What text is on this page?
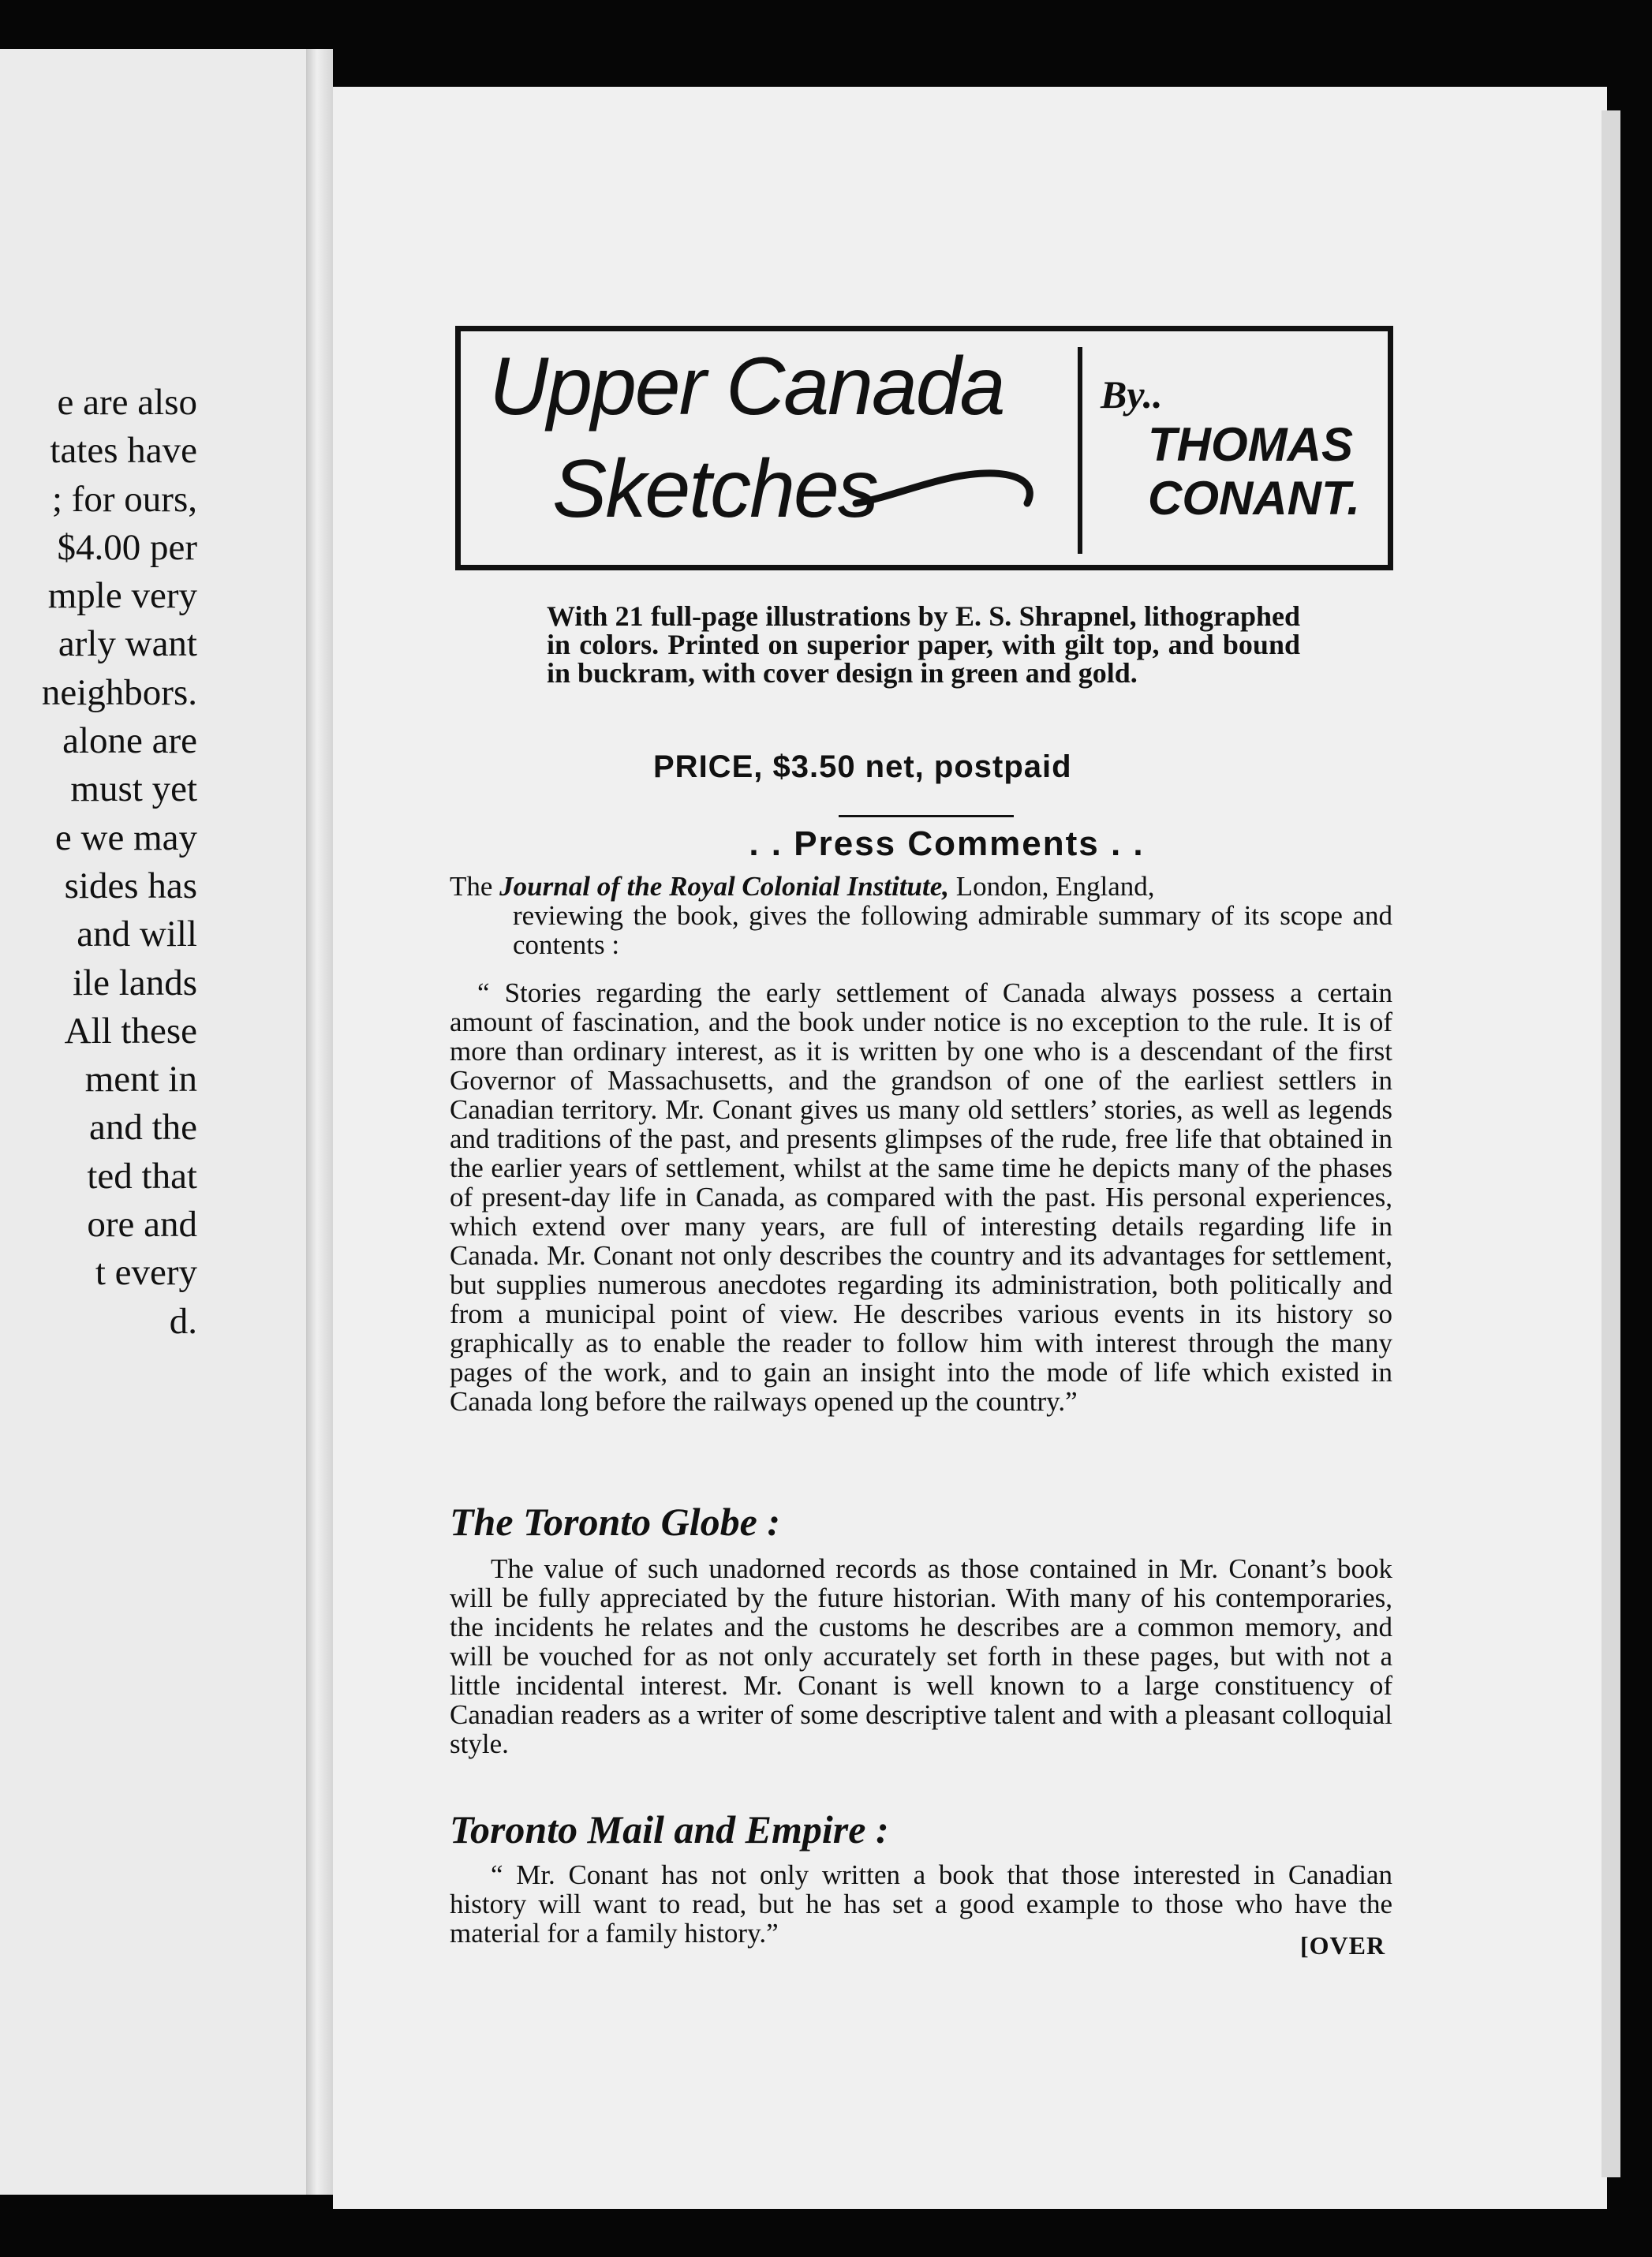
e are also
tates have
; for ours,
$4.00 per
mple very
arly want
neighbors.
alone are
must yet
e we may
sides has
and will
ile lands
All these
ment in
and the
ted that
ore and
t every
d.
Upper Canada
Sketches
By..
THOMAS
CONANT.
With 21 full-page illustrations by E. S. Shrapnel, lithographed in colors. Printed on superior paper, with gilt top, and bound in buckram, with cover design in green and gold.
PRICE, $3.50 net, postpaid
. . Press Comments . .
The Journal of the Royal Colonial Institute, London, England,
reviewing the book, gives the following admirable summary of its scope and contents :
“ Stories regarding the early settlement of Canada always possess a certain amount of fascination, and the book under notice is no exception to the rule. It is of more than ordinary interest, as it is written by one who is a descendant of the first Governor of Massachusetts, and the grandson of one of the earliest settlers in Canadian territory. Mr. Conant gives us many old settlers’ stories, as well as legends and traditions of the past, and presents glimpses of the rude, free life that obtained in the earlier years of settlement, whilst at the same time he depicts many of the phases of present-day life in Canada, as compared with the past. His personal experiences, which extend over many years, are full of interesting details regarding life in Canada. Mr. Conant not only describes the country and its advantages for settlement, but supplies numerous anecdotes regarding its administration, both politically and from a municipal point of view. He describes various events in its history so graphically as to enable the reader to follow him with interest through the many pages of the work, and to gain an insight into the mode of life which existed in Canada long before the railways opened up the country.”
The Toronto Globe :
The value of such unadorned records as those contained in Mr. Conant’s book will be fully appreciated by the future historian. With many of his contemporaries, the incidents he relates and the customs he describes are a common memory, and will be vouched for as not only accurately set forth in these pages, but with not a little incidental interest. Mr. Conant is well known to a large constituency of Canadian readers as a writer of some descriptive talent and with a pleasant colloquial style.
Toronto Mail and Empire :
“ Mr. Conant has not only written a book that those interested in Canadian history will want to read, but he has set a good example to those who have the material for a family history.”	[OVER
